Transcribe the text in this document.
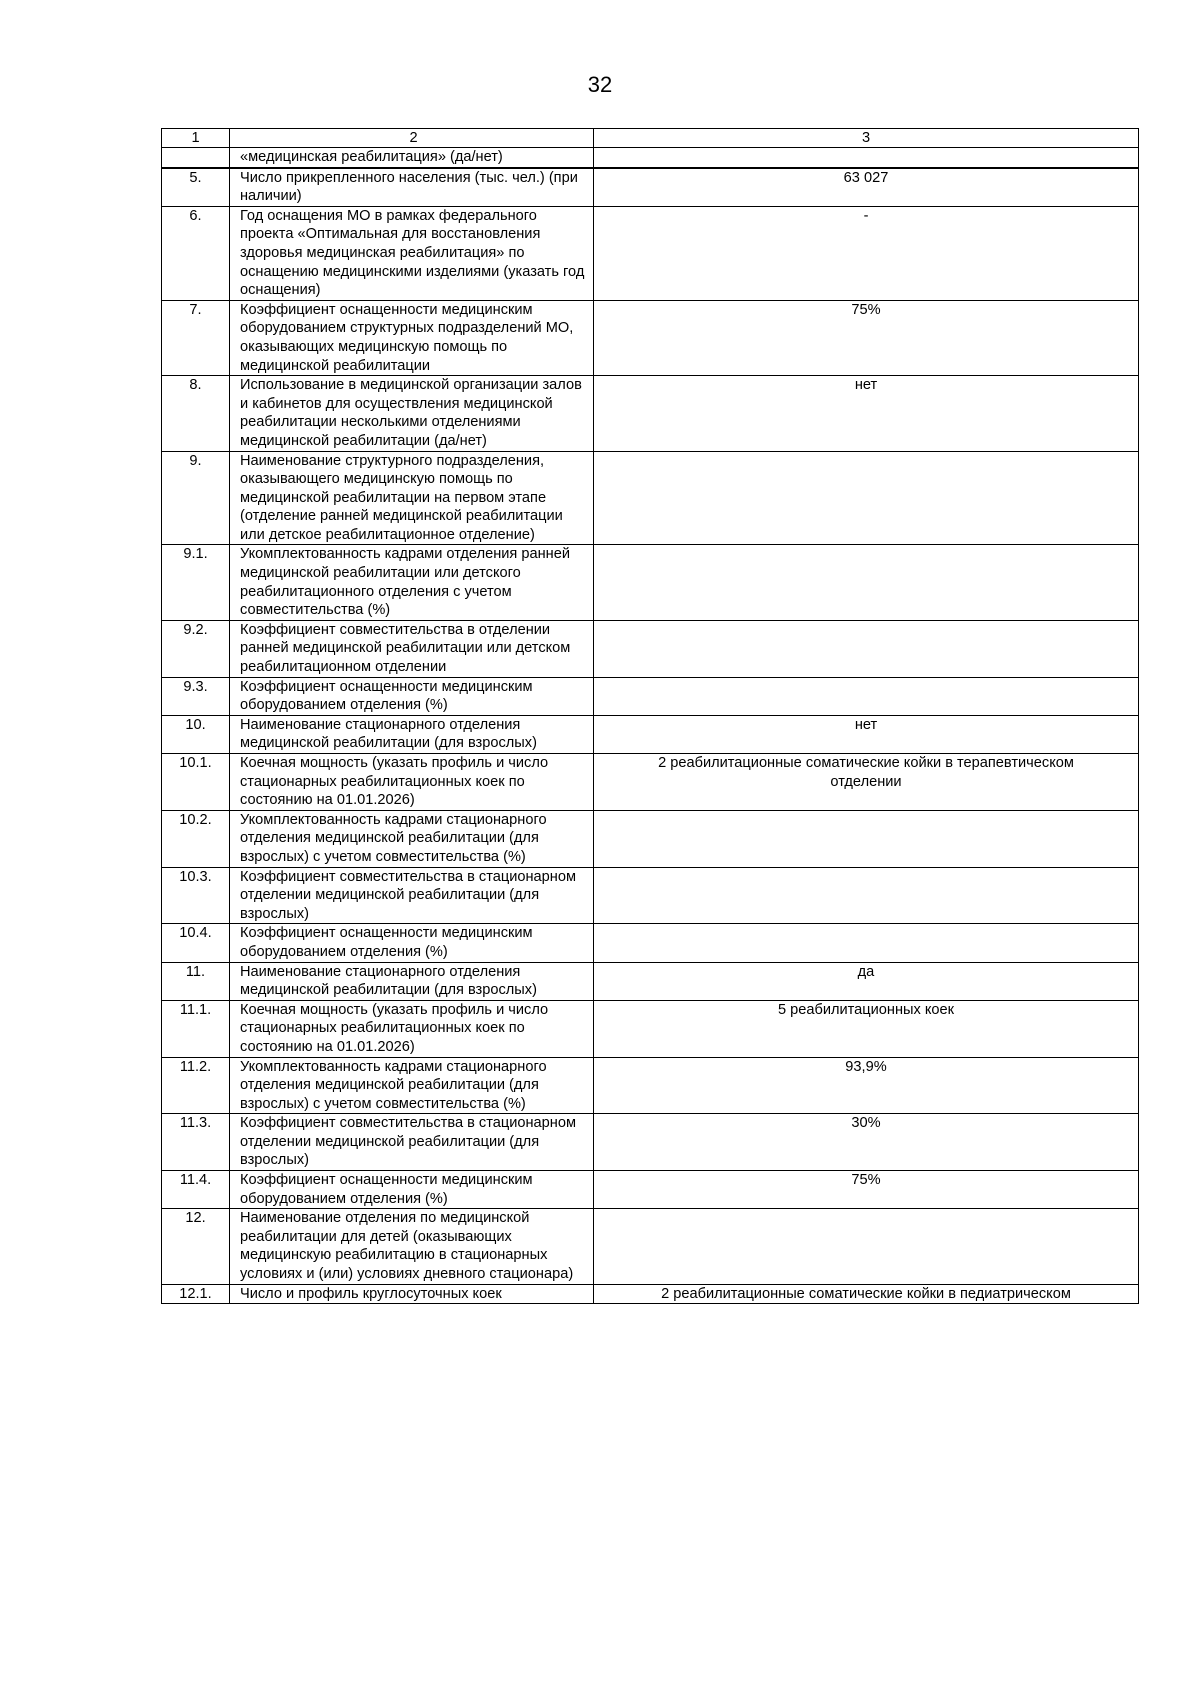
32
1	2	3
	«медицинская реабилитация» (да/нет)	
5.	Число прикрепленного населения (тыс. чел.) (при наличии)	63 027
6.	Год оснащения МО в рамках федерального проекта «Оптимальная для восстановления здоровья медицинская реабилитация» по оснащению медицинскими изделиями (указать год оснащения)	-
7.	Коэффициент оснащенности медицинским оборудованием структурных подразделений МО, оказывающих медицинскую помощь по медицинской реабилитации	75%
8.	Использование в медицинской организации залов и кабинетов для осуществления медицинской реабилитации несколькими отделениями медицинской реабилитации (да/нет)	нет
9.	Наименование структурного подразделения, оказывающего медицинскую помощь по медицинской реабилитации на первом этапе (отделение ранней медицинской реабилитации или детское реабилитационное отделение)	
9.1.	Укомплектованность кадрами отделения ранней медицинской реабилитации или детского реабилитационного отделения с учетом совместительства (%)	
9.2.	Коэффициент совместительства в отделении ранней медицинской реабилитации или детском реабилитационном отделении	
9.3.	Коэффициент оснащенности медицинским оборудованием отделения (%)	
10.	Наименование стационарного отделения медицинской реабилитации (для взрослых)	нет
10.1.	Коечная мощность (указать профиль и число стационарных реабилитационных коек по состоянию на 01.01.2026)	2 реабилитационные соматические койки в терапевтическом отделении
10.2.	Укомплектованность кадрами стационарного отделения медицинской реабилитации (для взрослых) с учетом совместительства (%)	
10.3.	Коэффициент совместительства в стационарном отделении медицинской реабилитации (для взрослых)	
10.4.	Коэффициент оснащенности медицинским оборудованием отделения (%)	
11.	Наименование стационарного отделения медицинской реабилитации (для взрослых)	да
11.1.	Коечная мощность (указать профиль и число стационарных реабилитационных коек по состоянию на 01.01.2026)	5 реабилитационных коек
11.2.	Укомплектованность кадрами стационарного отделения медицинской реабилитации (для взрослых) с учетом совместительства (%)	93,9%
11.3.	Коэффициент совместительства в стационарном отделении медицинской реабилитации (для взрослых)	30%
11.4.	Коэффициент оснащенности медицинским оборудованием отделения (%)	75%
12.	Наименование отделения по медицинской реабилитации для детей (оказывающих медицинскую реабилитацию в стационарных условиях и (или) условиях дневного стационара)	
12.1.	Число и профиль круглосуточных коек	2 реабилитационные соматические койки в педиатрическом
